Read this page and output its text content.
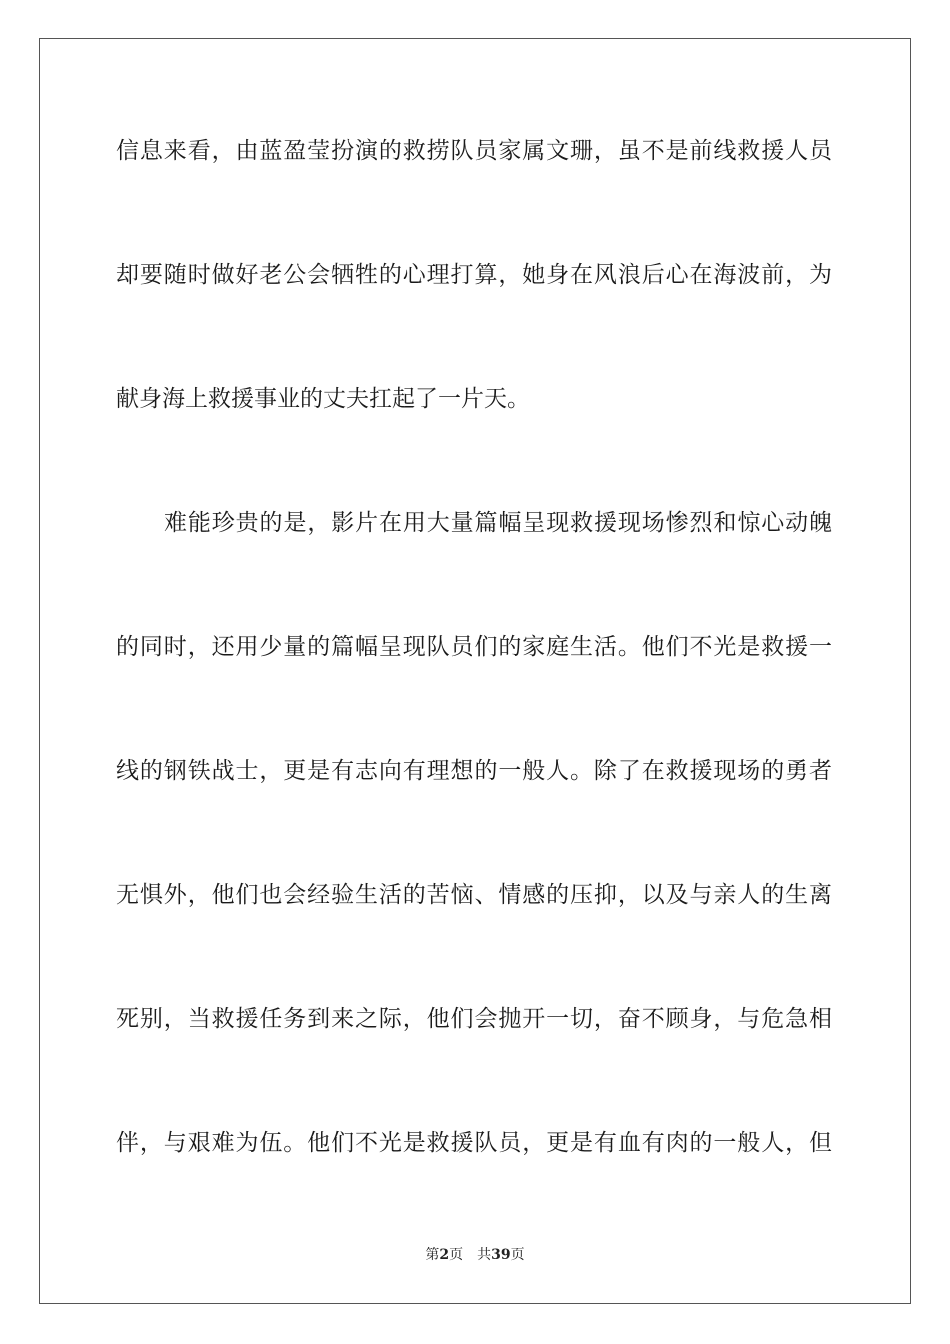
信息来看，由蓝盈莹扮演的救捞队员家属文珊，虽不是前线救援人员
却要随时做好老公会牺牲的心理打算，她身在风浪后心在海波前，为
献身海上救援事业的丈夫扛起了一片天。
难能珍贵的是，影片在用大量篇幅呈现救援现场惨烈和惊心动魄
的同时，还用少量的篇幅呈现队员们的家庭生活。他们不光是救援一
线的钢铁战士，更是有志向有理想的一般人。除了在救援现场的勇者
无惧外，他们也会经验生活的苦恼、情感的压抑，以及与亲人的生离
死别，当救援任务到来之际，他们会抛开一切，奋不顾身，与危急相
伴，与艰难为伍。他们不光是救援队员，更是有血有肉的一般人，但
第2页 共39页
